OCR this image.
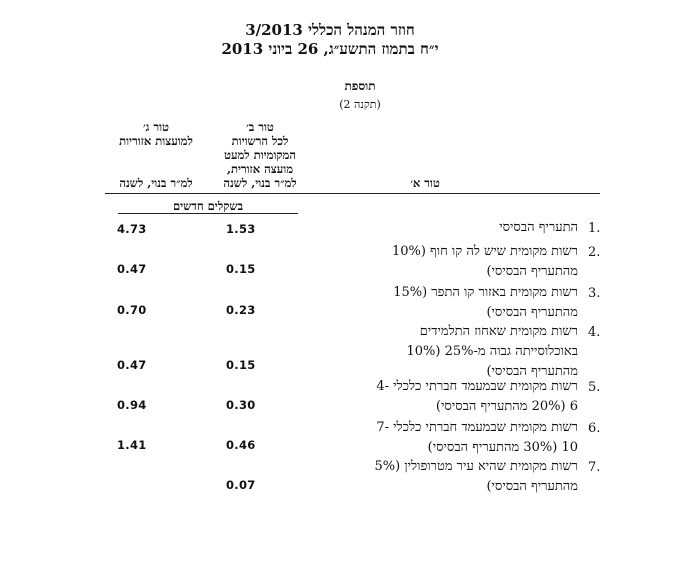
חוזר המנהל הכללי 3/2013
י״ח בתמוז התשע״ג, 26 ביוני 2013
תוספת
(תקנה 2)
טור ג׳
למועצות אזוריות

למ״ר בנוי, לשנה
טור ב׳
לכל הרשויות
המקומיות למעט
מועצה אזורית,
למ״ר בנוי, לשנה	טור א׳
בשקלים חדשים
1.
התעריף הבסיסי
1.53
4.73
2.
רשות מקומית שיש לה קו חוף (10% מהתעריף הבסיסי)
0.15
0.47
3.
רשות מקומית באזור קו התפר (15% מהתעריף הבסיסי)
0.23
0.70
4.
רשות מקומית שאחוז התלמידים באוכלוסייתה גבוה מ-25% (10% מהתעריף הבסיסי)
0.15
0.47
5.
רשות מקומית שבמעמד חברתי כלכלי 4-6 (20% מהתעריף הבסיסי)
0.30
0.94
6.
רשות מקומית שבמעמד חברתי כלכלי 7-10 (30% מהתעריף הבסיסי)
0.46
1.41
7.
רשות מקומית שהיא עיר מטרופולין (5% מהתעריף הבסיסי)
0.07
